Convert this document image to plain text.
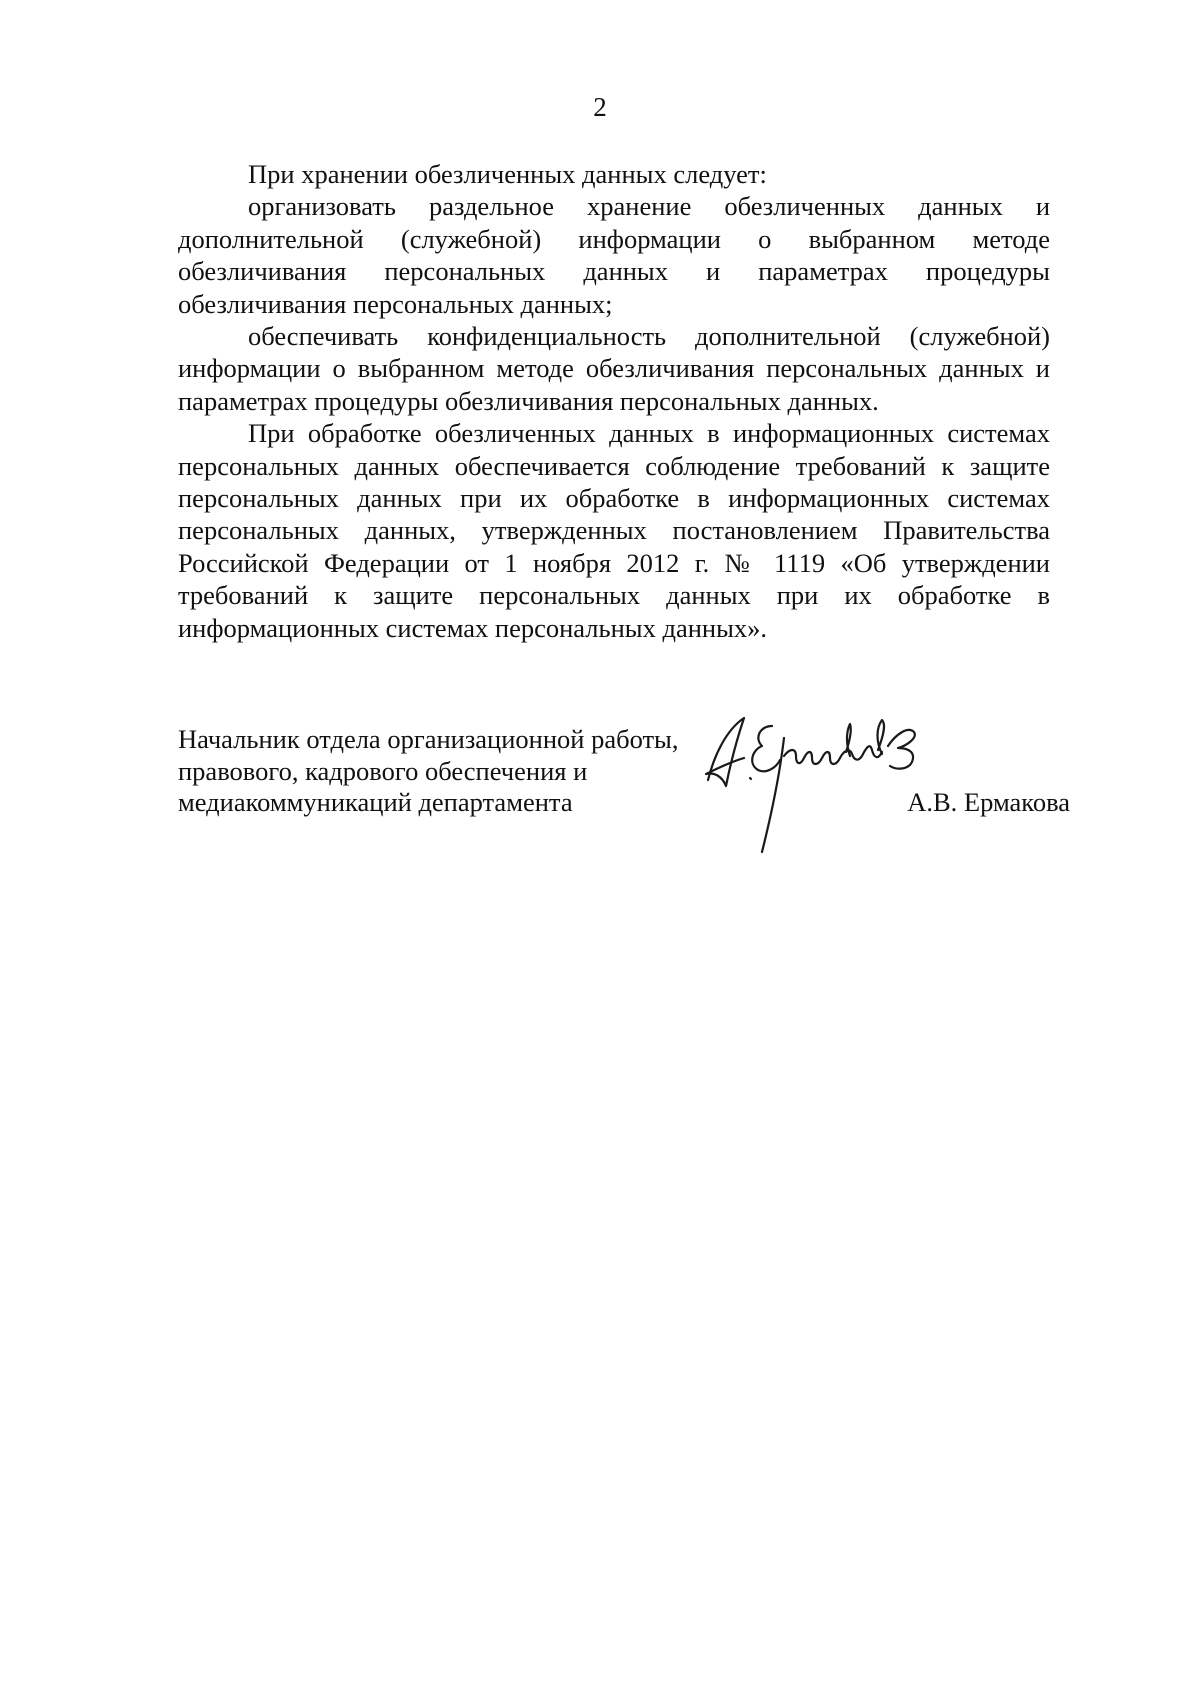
2

При хранении обезличенных данных следует:

организовать раздельное хранение обезличенных данных и дополнительной (служебной) информации о выбранном методе обезличивания персональных данных и параметрах процедуры обезличивания персональных данных;

обеспечивать конфиденциальность дополнительной (служебной) информации о выбранном методе обезличивания персональных данных и параметрах процедуры обезличивания персональных данных.

При обработке обезличенных данных в информационных системах персональных данных обеспечивается соблюдение требований к защите персональных данных при их обработке в информационных системах персональных данных, утвержденных постановлением Правительства Российской Федерации от 1 ноября 2012 г. № 1119 «Об утверждении требований к защите персональных данных при их обработке в информационных системах персональных данных».

Начальник отдела организационной работы,
правового, кадрового обеспечения и
медиакоммуникаций департамента	А.В. Ермакова
